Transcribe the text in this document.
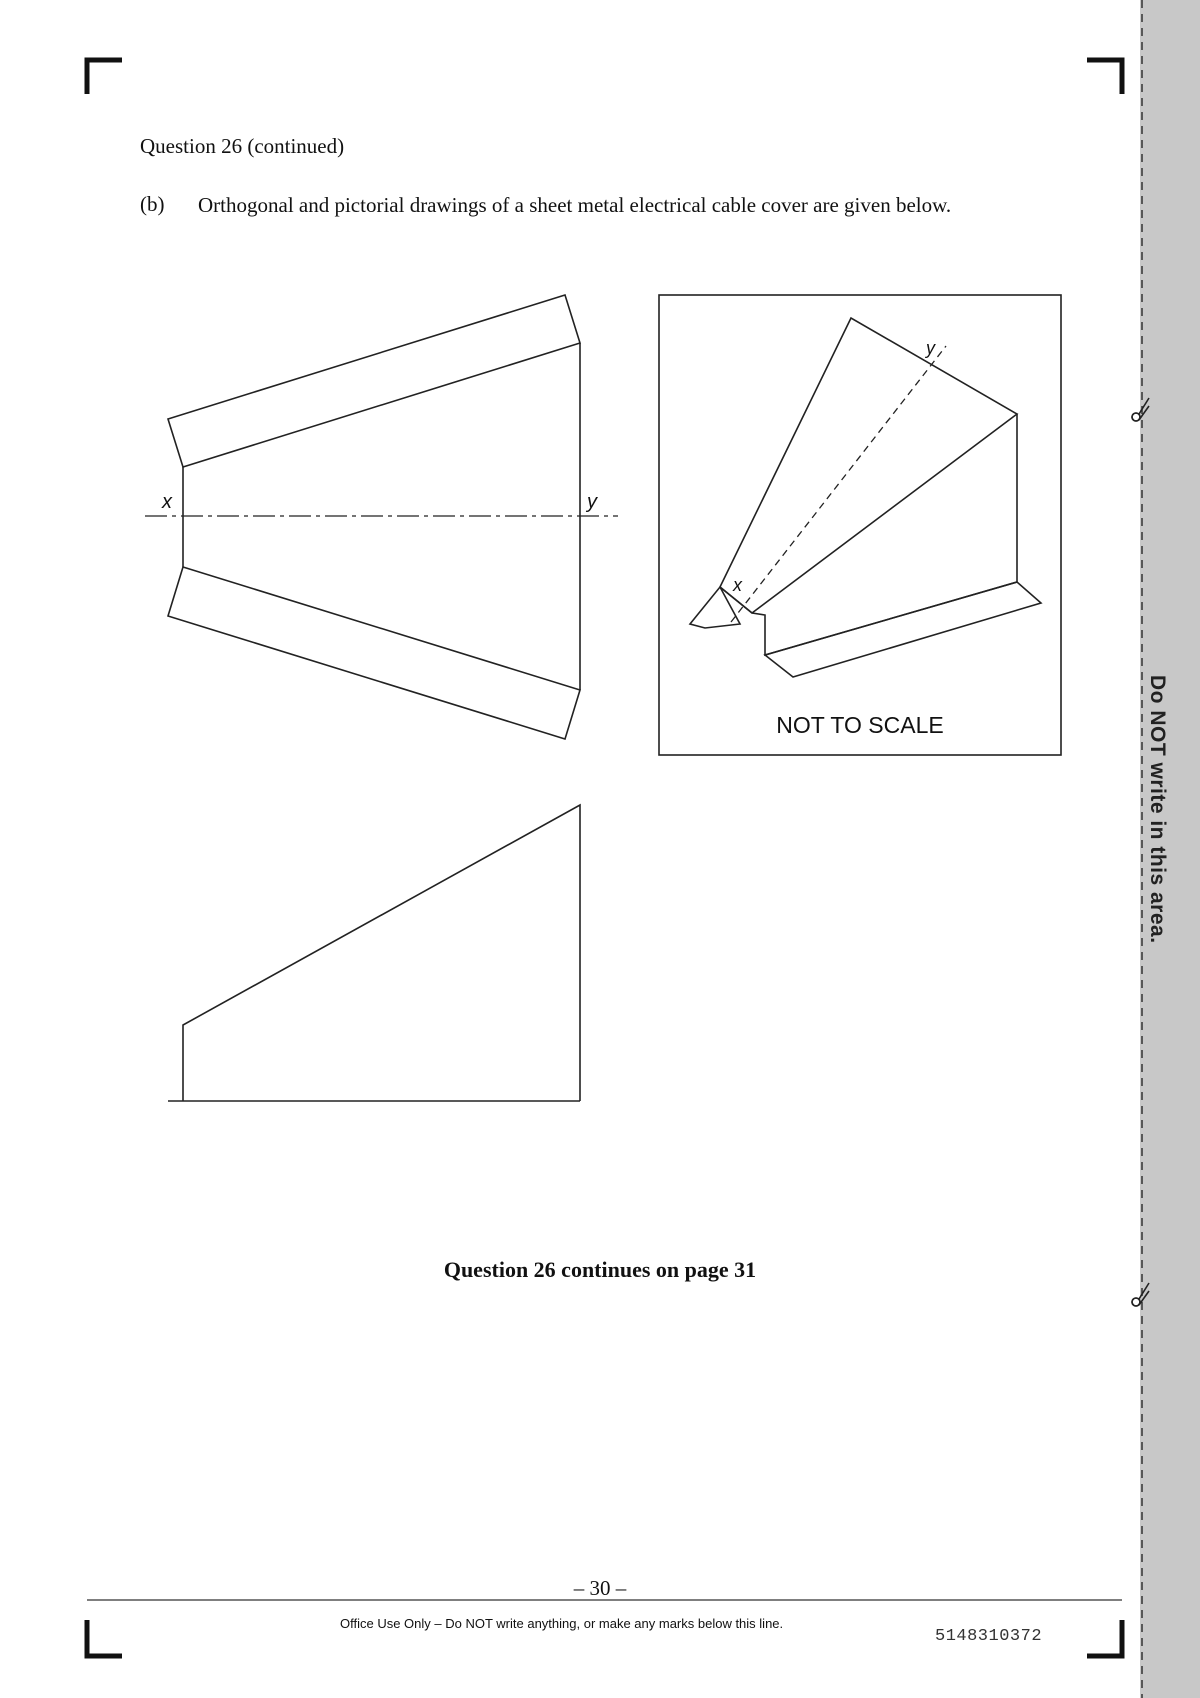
Do NOT write in this area.
Question 26 (continued)
(b) Orthogonal and pictorial drawings of a sheet metal electrical cable cover are given below.
x	y
x
y
NOT TO SCALE
Question 26 continues on page 31
– 30 –
Office Use Only – Do NOT write anything, or make any marks below this line.
5148310372
